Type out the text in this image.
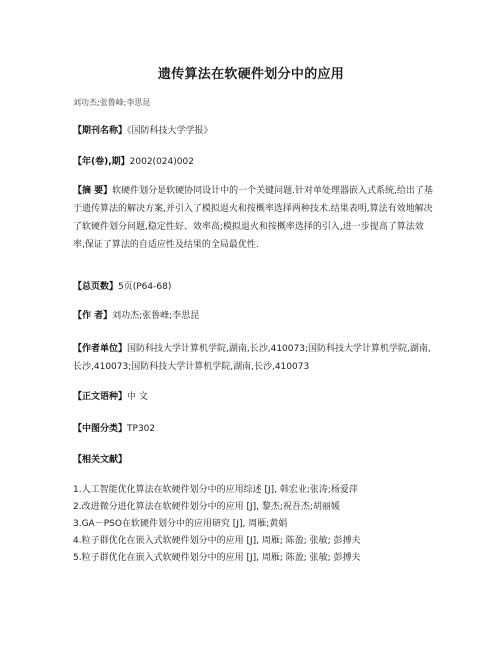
遗传算法在软硬件划分中的应用
刘功杰;张鲁峰;李思昆
【期刊名称】《国防科技大学学报》
【年(卷),期】2002(024)002
【摘 要】软硬件划分是软硬协同设计中的一个关键问题.针对单处理器嵌入式系统,给出了基于遗传算法的解决方案,并引入了模拟退火和按概率选择两种技术.结果表明,算法有效地解决了软硬件划分问题,稳定性好、效率高;模拟退火和按概率选择的引入,进一步提高了算法效率,保证了算法的自适应性及结果的全局最优性.
【总页数】5页(P64-68)
【作 者】刘功杰;张鲁峰;李思昆
【作者单位】国防科技大学计算机学院,湖南,长沙,410073;国防科技大学计算机学院,湖南,长沙,410073;国防科技大学计算机学院,湖南,长沙,410073
【正文语种】中 文
【中图分类】TP302
【相关文献】
1.人工智能优化算法在软硬件划分中的应用综述 [J], 韩宏业;张涛;杨爱萍
2.改进微分进化算法在软硬件划分中的应用 [J], 黎杰;祝吾杰;胡丽媛
3.GA－PSO在软硬件划分中的应用研究 [J], 周雁;黄娟
4.粒子群优化在嵌入式软硬件划分中的应用 [J], 周雁; 陈盈; 张敏; 彭搏夫
5.粒子群优化在嵌入式软硬件划分中的应用 [J], 周雁; 陈盈; 张敏; 彭搏夫
